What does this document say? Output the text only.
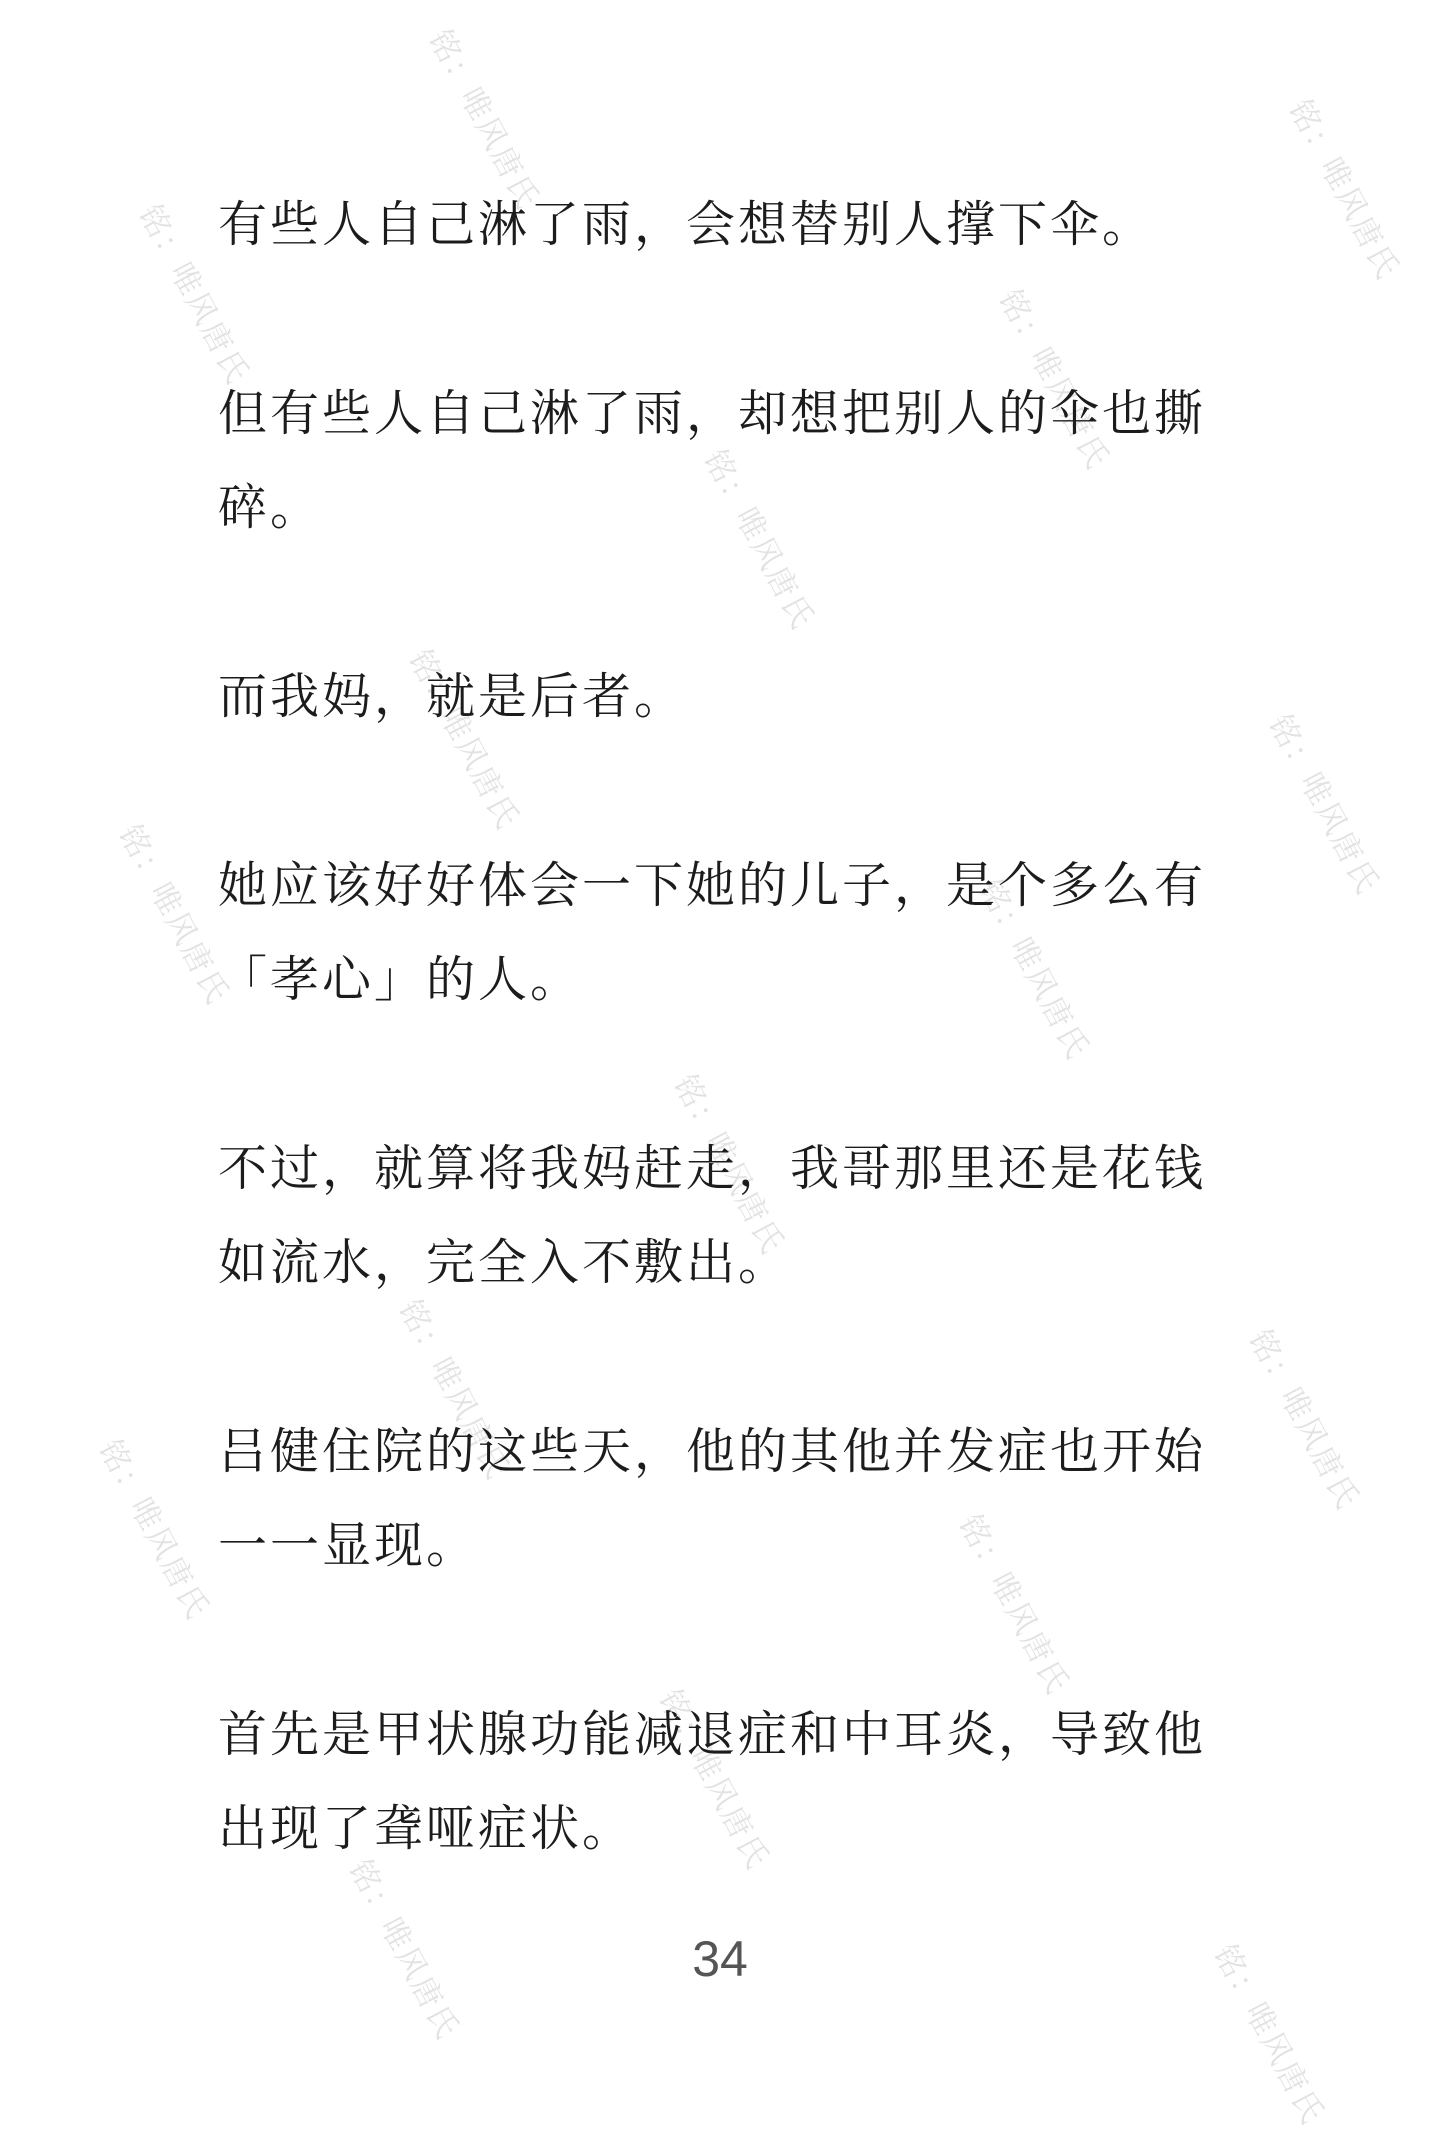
铭：唯风唐氏	铭：唯风唐氏
铭：唯风唐氏	铭：唯风唐氏
铭：唯风唐氏
铭：唯风唐氏	铭：唯风唐氏
铭：唯风唐氏	铭：唯风唐氏
铭：唯风唐氏
铭：唯风唐氏	铭：唯风唐氏
铭：唯风唐氏	铭：唯风唐氏
铭：唯风唐氏
铭：唯风唐氏	铭：唯风唐氏

有些人自己淋了雨，会想替别人撑下伞。

但有些人自己淋了雨，却想把别人的伞也撕碎。

而我妈，就是后者。

她应该好好体会一下她的儿子，是个多么有「孝心」的人。

不过，就算将我妈赶走，我哥那里还是花钱如流水，完全入不敷出。

吕健住院的这些天，他的其他并发症也开始一一显现。

首先是甲状腺功能减退症和中耳炎，导致他出现了聋哑症状。

34
